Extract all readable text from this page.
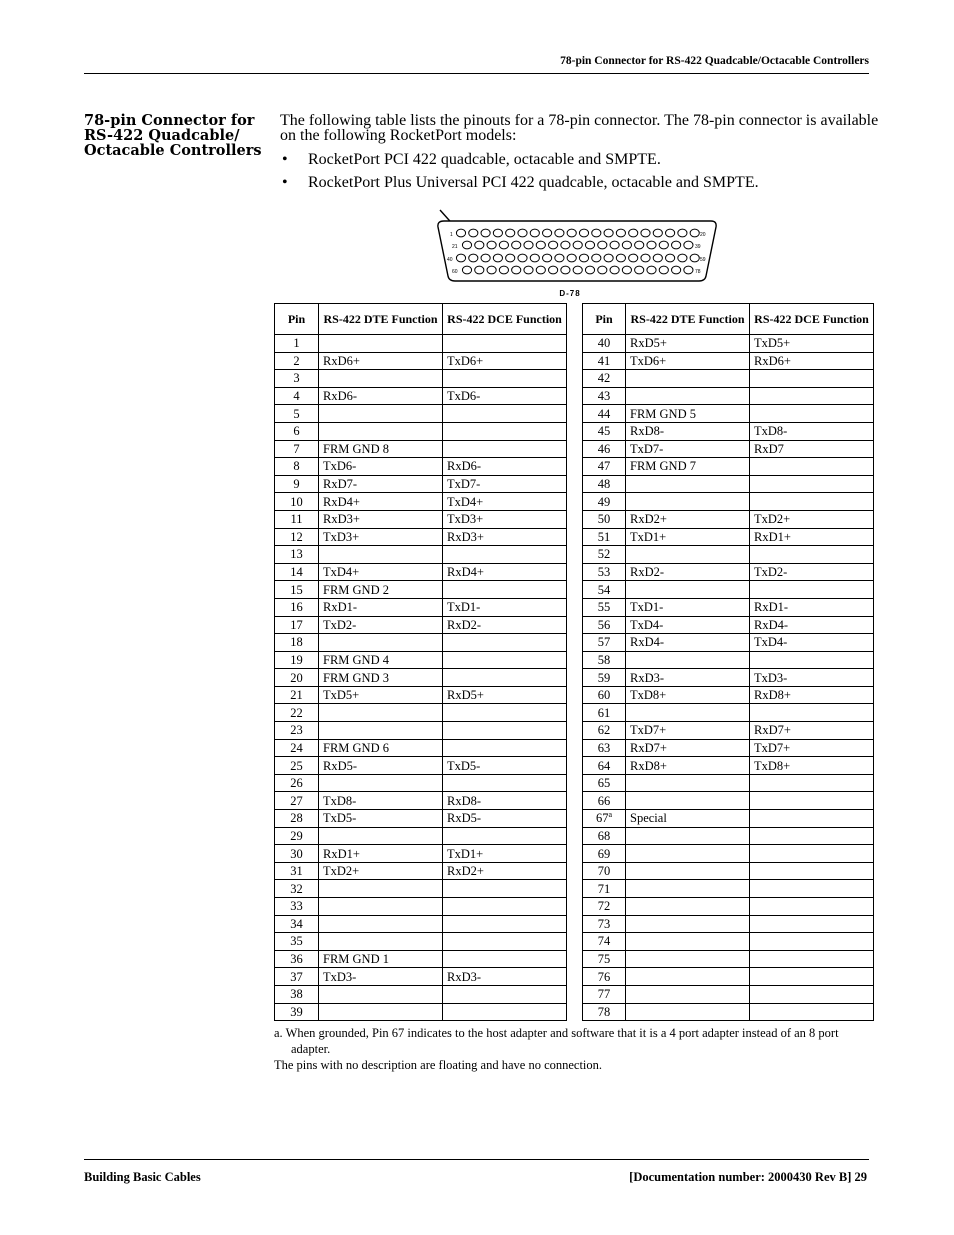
78-pin Connector for RS-422 Quadcable/Octacable Controllers
78-pin Connector for RS-422 Quadcable/ Octacable Controllers

The following table lists the pinouts for a 78-pin connector. The 78-pin connector is available on the following RocketPort models:

• RocketPort PCI 422 quadcable, octacable and SMPTE.
• RocketPort Plus Universal PCI 422 quadcable, octacable and SMPTE.
1	20
21	39
40	59
60	78
D-78
Pin	RS-422 DTE Function	RS-422 DCE Function		Pin	RS-422 DTE Function	RS-422 DCE Function
1				40	RxD5+	TxD5+
2	RxD6+	TxD6+		41	TxD6+	RxD6+
3				42		
4	RxD6-	TxD6-		43		
5				44	FRM GND 5	
6				45	RxD8-	TxD8-
7	FRM GND 8			46	TxD7-	RxD7
8	TxD6-	RxD6-		47	FRM GND 7	
9	RxD7-	TxD7-		48		
10	RxD4+	TxD4+		49		
11	RxD3+	TxD3+		50	RxD2+	TxD2+
12	TxD3+	RxD3+		51	TxD1+	RxD1+
13				52		
14	TxD4+	RxD4+		53	RxD2-	TxD2-
15	FRM GND 2			54		
16	RxD1-	TxD1-		55	TxD1-	RxD1-
17	TxD2-	RxD2-		56	TxD4-	RxD4-
18				57	RxD4-	TxD4-
19	FRM GND 4			58		
20	FRM GND 3			59	RxD3-	TxD3-
21	TxD5+	RxD5+		60	TxD8+	RxD8+
22				61		
23				62	TxD7+	RxD7+
24	FRM GND 6			63	RxD7+	TxD7+
25	RxD5-	TxD5-		64	RxD8+	TxD8+
26				65		
27	TxD8-	RxD8-		66		
28	TxD5-	RxD5-		67$^a$	Special	
29				68		
30	RxD1+	TxD1+		69		
31	TxD2+	RxD2+		70		
32				71		
33				72		
34				73		
35				74		
36	FRM GND 1			75		
37	TxD3-	RxD3-		76		
38				77		
39				78		
a. When grounded, Pin 67 indicates to the host adapter and software that it is a 4 port adapter instead of an 8 port adapter.
The pins with no description are floating and have no connection.
Building Basic Cables	[Documentation number: 2000430 Rev B] 29
